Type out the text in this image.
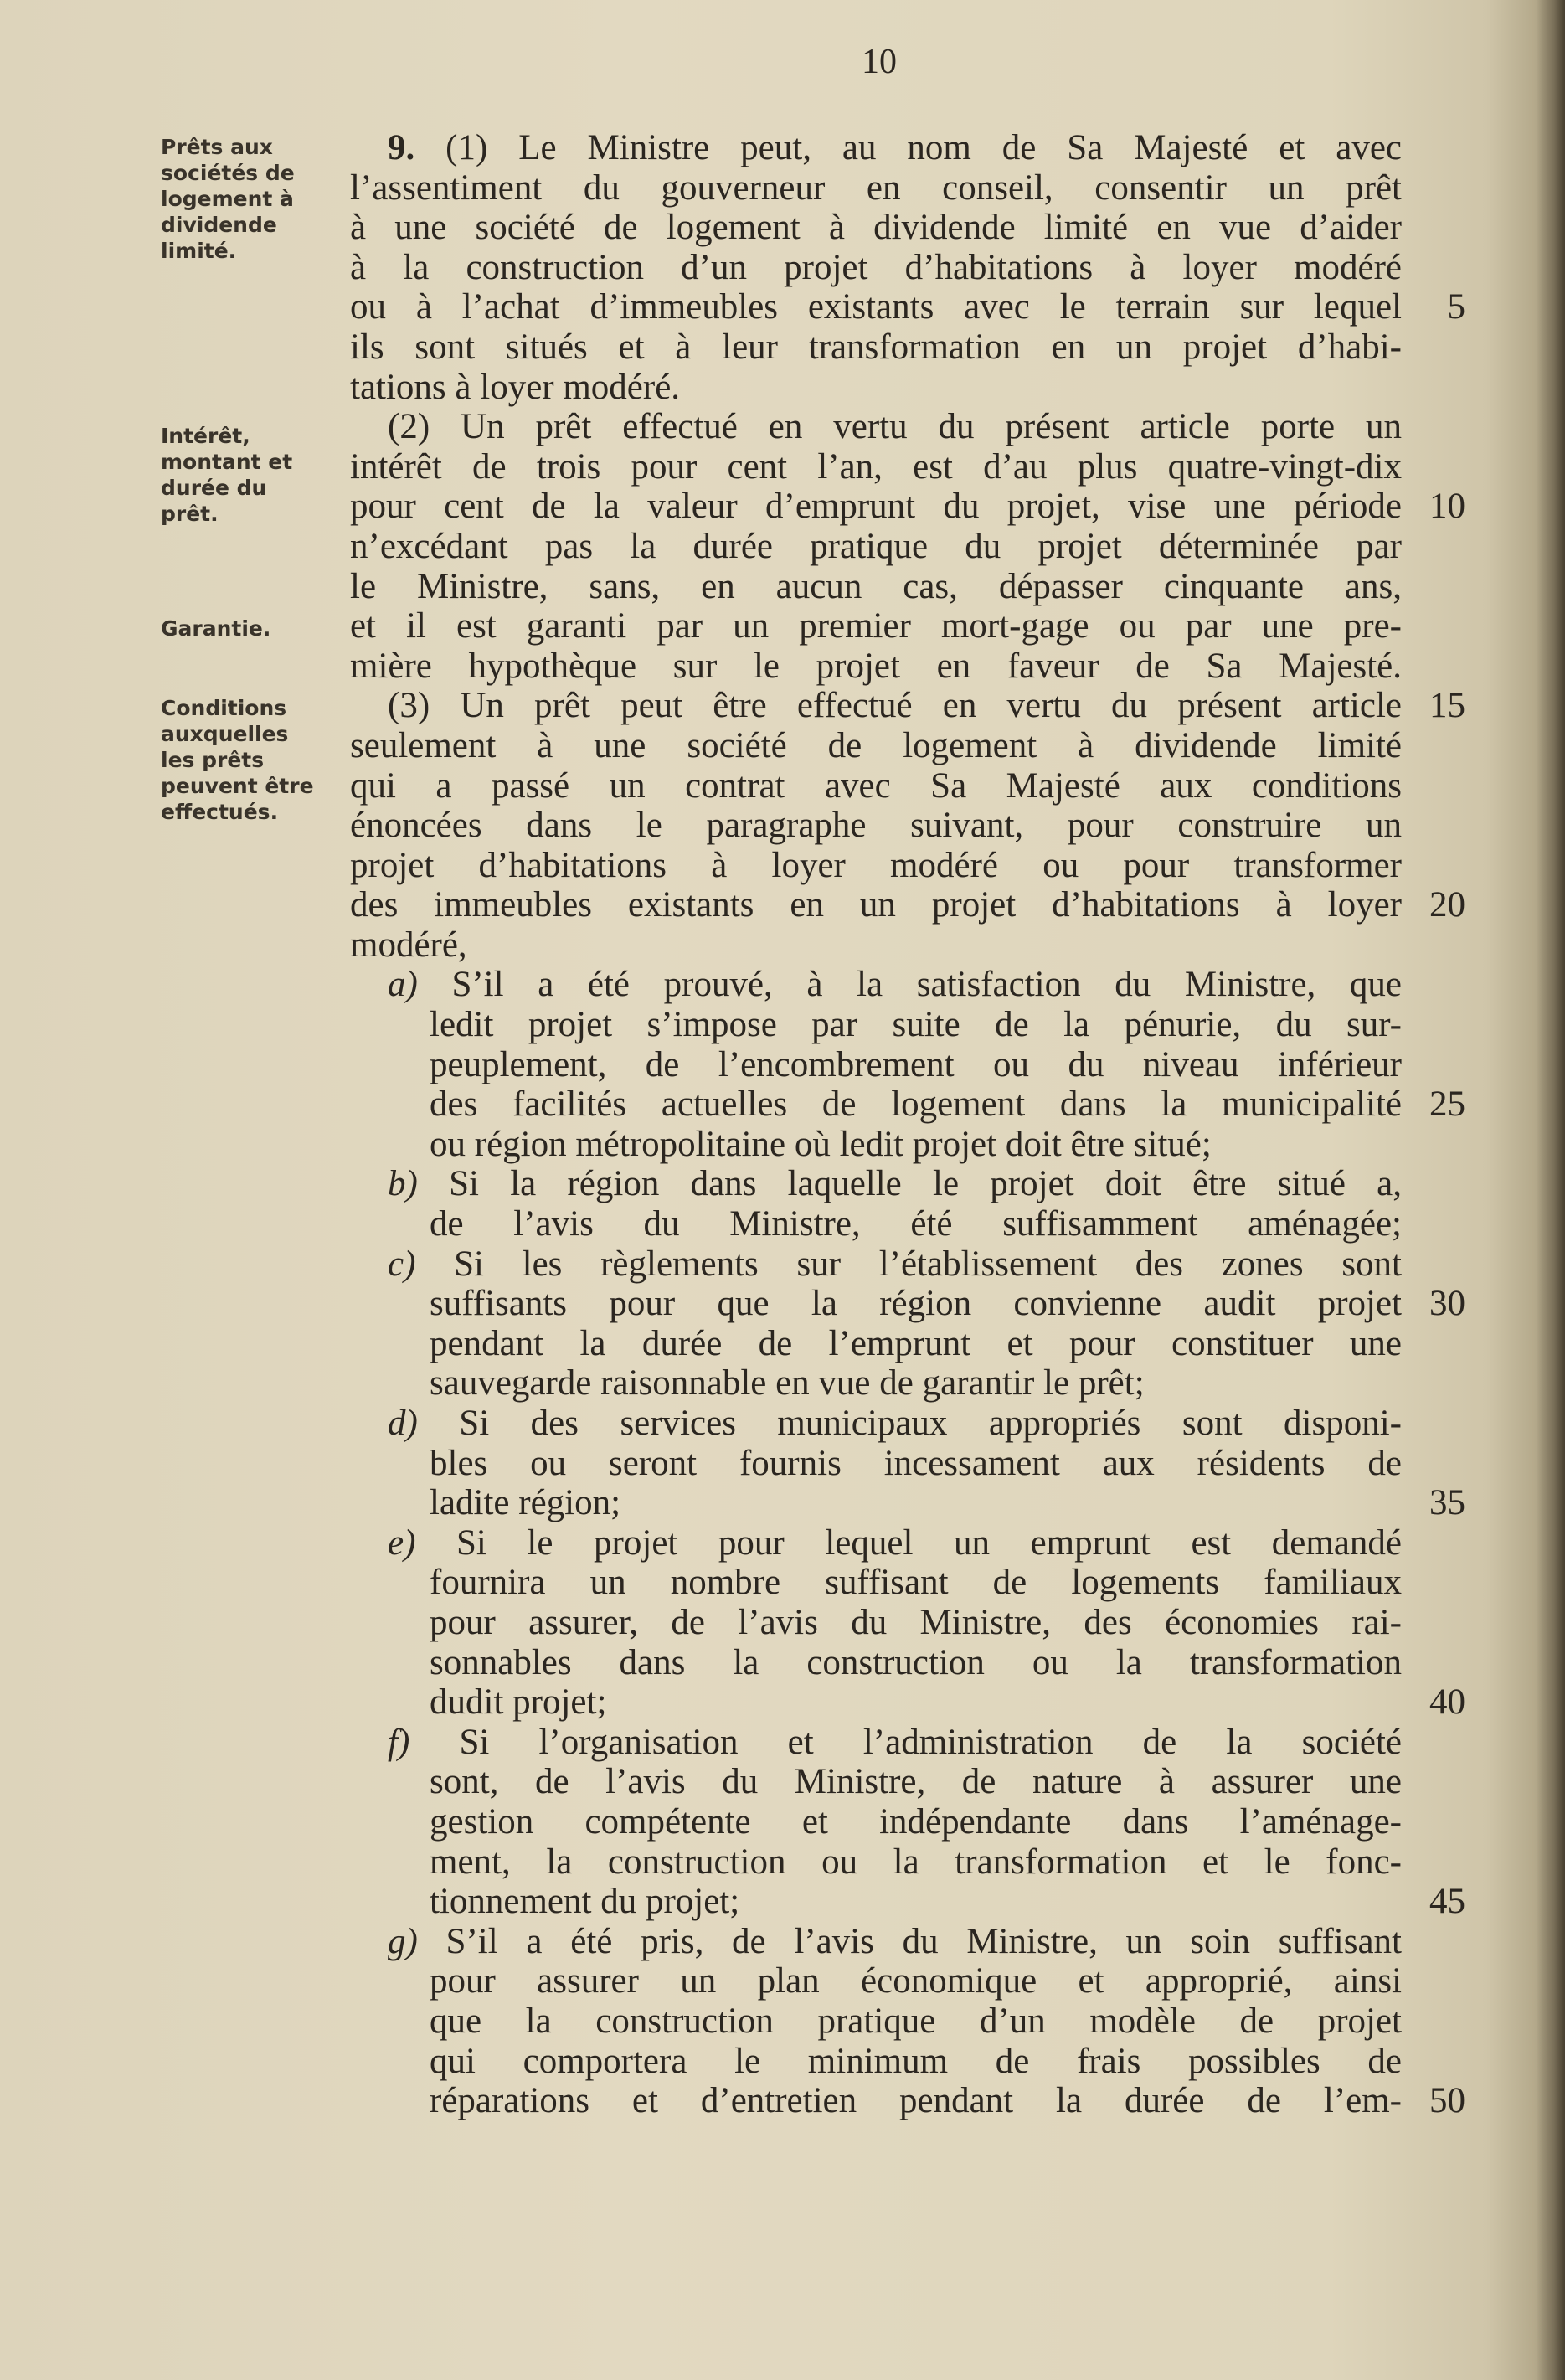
10
Prêts aux
sociétés de
logement à
dividende
limité.
Intérêt,
montant et
durée du
prêt.
Garantie.
Conditions
auxquelles
les prêts
peuvent être
effectués.
9. (1) Le Ministre peut, au nom de Sa Majesté et avec
l’assentiment du gouverneur en conseil, consentir un prêt
à une société de logement à dividende limité en vue d’aider
à la construction d’un projet d’habitations à loyer modéré
ou à l’achat d’immeubles existants avec le terrain sur lequel
ils sont situés et à leur transformation en un projet d’habi-
tations à loyer modéré.
(2) Un prêt effectué en vertu du présent article porte un
intérêt de trois pour cent l’an, est d’au plus quatre-vingt-dix
pour cent de la valeur d’emprunt du projet, vise une période
n’excédant pas la durée pratique du projet déterminée par
le Ministre, sans, en aucun cas, dépasser cinquante ans,
et il est garanti par un premier mort-gage ou par une pre-
mière hypothèque sur le projet en faveur de Sa Majesté.
(3) Un prêt peut être effectué en vertu du présent article
seulement à une société de logement à dividende limité
qui a passé un contrat avec Sa Majesté aux conditions
énoncées dans le paragraphe suivant, pour construire un
projet d’habitations à loyer modéré ou pour transformer
des immeubles existants en un projet d’habitations à loyer
modéré,
a) S’il a été prouvé, à la satisfaction du Ministre, que
ledit projet s’impose par suite de la pénurie, du sur-
peuplement, de l’encombrement ou du niveau inférieur
des facilités actuelles de logement dans la municipalité
ou région métropolitaine où ledit projet doit être situé;
b) Si la région dans laquelle le projet doit être situé a,
de l’avis du Ministre, été suffisamment aménagée;
c) Si les règlements sur l’établissement des zones sont
suffisants pour que la région convienne audit projet
pendant la durée de l’emprunt et pour constituer une
sauvegarde raisonnable en vue de garantir le prêt;
d) Si des services municipaux appropriés sont disponi-
bles ou seront fournis incessament aux résidents de
ladite région;
e) Si le projet pour lequel un emprunt est demandé
fournira un nombre suffisant de logements familiaux
pour assurer, de l’avis du Ministre, des économies rai-
sonnables dans la construction ou la transformation
dudit projet;
f) Si l’organisation et l’administration de la société
sont, de l’avis du Ministre, de nature à assurer une
gestion compétente et indépendante dans l’aménage-
ment, la construction ou la transformation et le fonc-
tionnement du projet;
g) S’il a été pris, de l’avis du Ministre, un soin suffisant
pour assurer un plan économique et approprié, ainsi
que la construction pratique d’un modèle de projet
qui comportera le minimum de frais possibles de
réparations et d’entretien pendant la durée de l’em-
5
10
15
20
25
30
35
40
45
50
